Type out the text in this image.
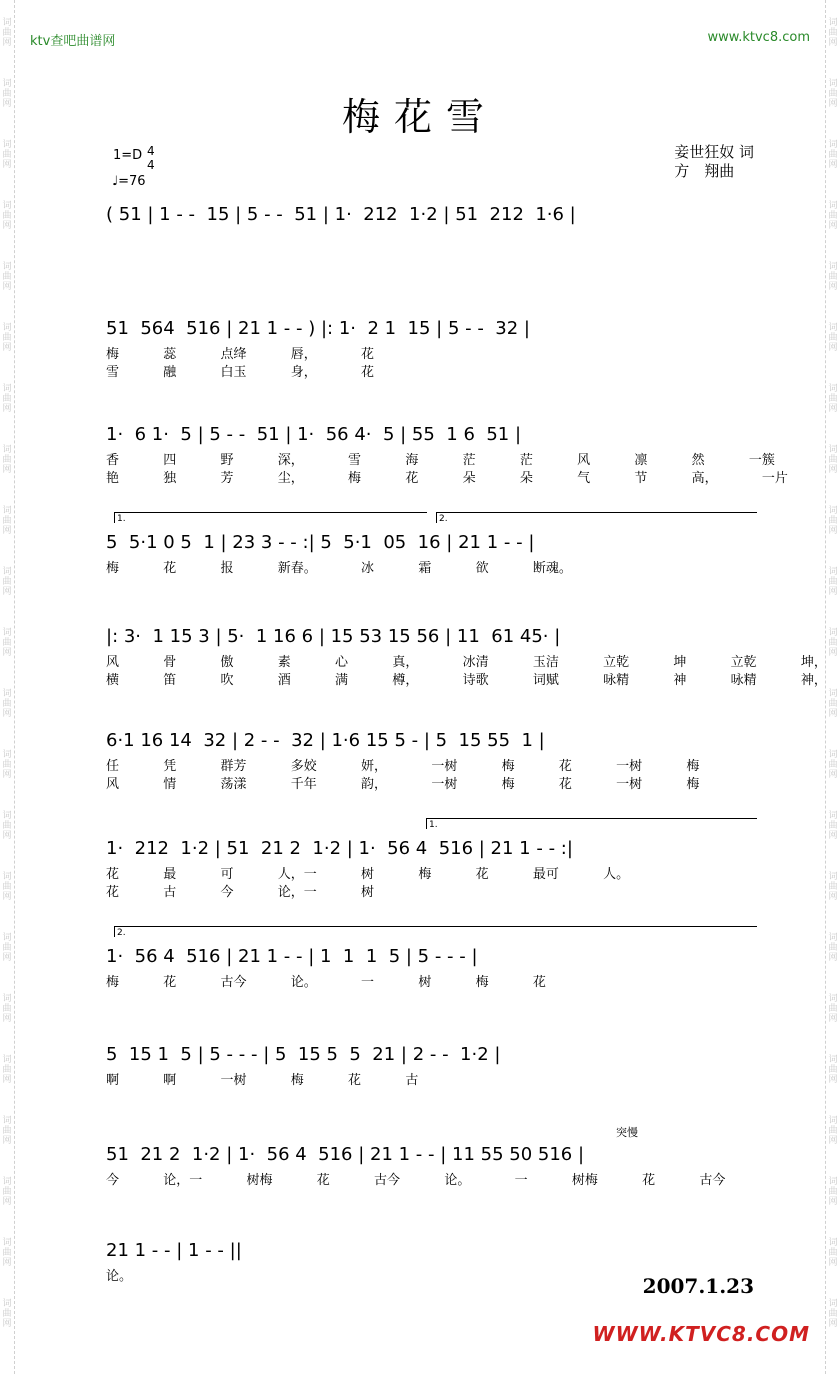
ktv查吧曲谱网	www.ktvc8.com
梅花雪
1=D 4
4
♩=76
妾世狂奴 词
方　翔曲
( 51 | 1 - -  15 | 5 - -  51 | 1·  212  1·2 | 51  212  1·6 |
51  564  516 | 21 1 - - ) |: 1·  2 1  15 | 5 - -  32 |
梅  蕊  点绛  唇，  花
雪  融  白玉  身，  花
1·  6 1·  5 | 5 - -  51 | 1·  56 4·  5 | 55  1 6  51 |
香  四  野  深，  雪  海  茫  茫  风  凛  然  一簇
艳  独  芳  尘，  梅  花  朵  朵  气  节  高，  一片
5  5·1 0 5  1 | 23 3 - - :| 5  5·1  05  16 | 21 1 - - |
梅  花  报  新春。  冰  霜  欲  断魂。
1.	2.
|: 3·  1 15 3 | 5·  1 16 6 | 15 53 15 56 | 11  61 45· |
风  骨  傲  素  心  真，  冰清  玉洁  立乾  坤  立乾  坤，
横  笛  吹  酒  满  樽，  诗歌  词赋  咏精  神  咏精  神，
6·1 16 14  32 | 2 - -  32 | 1·6 15 5 - | 5  15 55  1 |
任  凭  群芳  多姣  妍，  一树  梅  花  一树  梅
风  情  荡漾  千年  韵，  一树  梅  花  一树  梅
1·  212  1·2 | 51  21 2  1·2 | 1·  56 4  516 | 21 1 - - :|
花  最  可  人，一  树  梅  花  最可  人。
花  古  今  论，一  树
1.
1·  56 4  516 | 21 1 - - | 1  1  1  5 | 5 - - - |
梅  花  古今  论。  一  树  梅  花
2.
5  15 1  5 | 5 - - - | 5  15 5  5  21 | 2 - -  1·2 |
啊  啊  一树  梅  花  古
51  21 2  1·2 | 1·  56 4  516 | 21 1 - - | 11 55 50 516 |
今  论，一  树梅  花  古今  论。  一  树梅  花  古今
突慢
21 1 - - | 1 - - ||
论。	2007.1.23
WWW.KTVC8.COM
词
曲
网
词
曲
网
词
曲
网
词
曲
网
词
曲
网
词
曲
网
词
曲
网
词
曲
网
词
曲
网
词
曲
网
词
曲
网
词
曲
网
词
曲
网
词
曲
网
词
曲
网
词
曲
网
词
曲
网
词
曲
网
词
曲
网
词
曲
网
词
曲
网
词
曲
网
词
曲
网
词
曲
网
词
曲
网
词
曲
网
词
曲
网
词
曲
网
词
曲
网
词
曲
网
词
曲
网
词
曲
网
词
曲
网
词
曲
网
词
曲
网
词
曲
网
词
曲
网
词
曲
网
词
曲
网
词
曲
网
词
曲
网
词
曲
网
词
曲
网
词
曲
网
